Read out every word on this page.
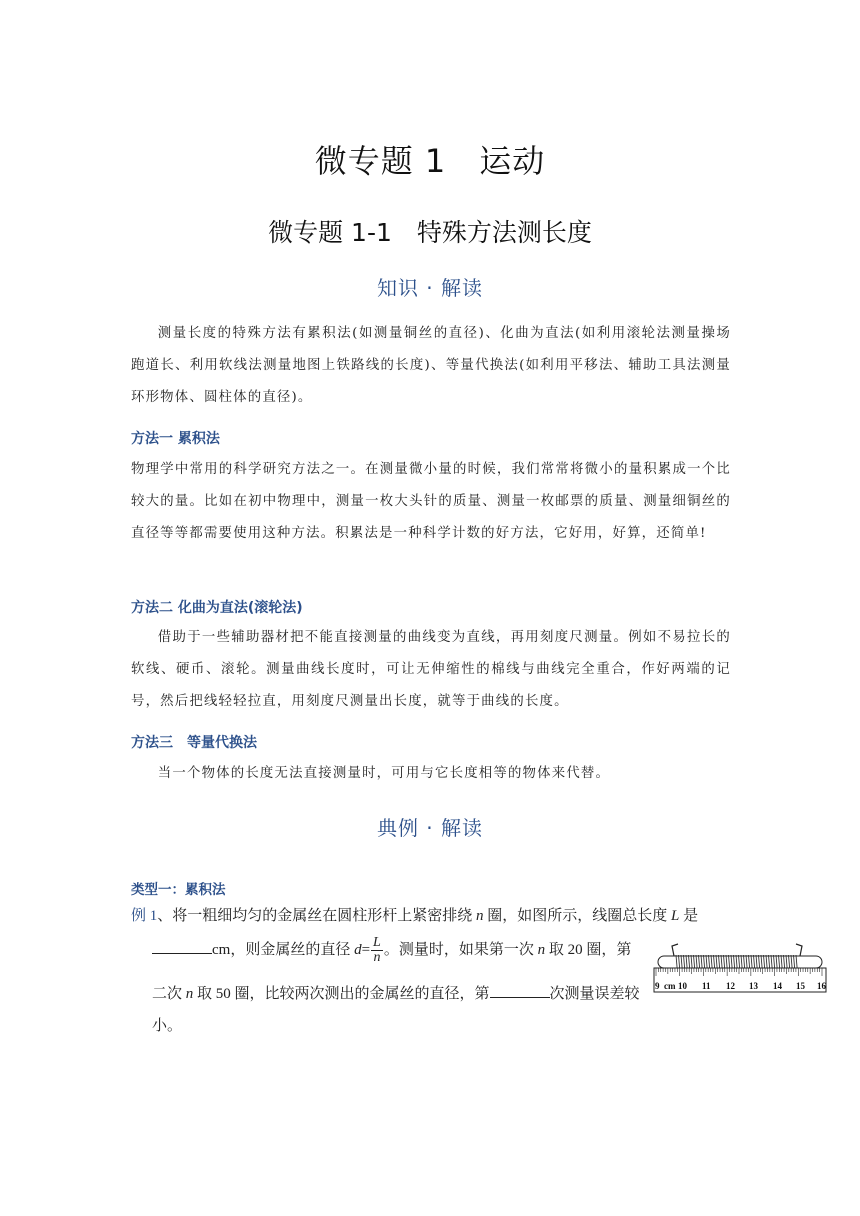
微专题 1　运动
微专题 1-1　特殊方法测长度
知识 · 解读
测量长度的特殊方法有累积法(如测量铜丝的直径)、化曲为直法(如利用滚轮法测量操场跑道长、利用软线法测量地图上铁路线的长度)、等量代换法(如利用平移法、辅助工具法测量环形物体、圆柱体的直径)。
方法一 累积法
物理学中常用的科学研究方法之一。在测量微小量的时候，我们常常将微小的量积累成一个比较大的量。比如在初中物理中，测量一枚大头针的质量、测量一枚邮票的质量、测量细铜丝的直径等等都需要使用这种方法。积累法是一种科学计数的好方法，它好用，好算，还简单!
方法二 化曲为直法(滚轮法)
借助于一些辅助器材把不能直接测量的曲线变为直线，再用刻度尺测量。例如不易拉长的软线、硬币、滚轮。测量曲线长度时，可让无伸缩性的棉线与曲线完全重合，作好两端的记号，然后把线轻轻拉直，用刻度尺测量出长度，就等于曲线的长度。
方法三　等量代换法
当一个物体的长度无法直接测量时，可用与它长度相等的物体来代替。
典例 · 解读
类型一：累积法
例 1、将一粗细均匀的金属丝在圆柱形杆上紧密排绕 n 圈，如图所示，线圈总长度 L 是
cm，则金属丝的直径 $d= \frac{L}{n}$ 。测量时，如果第一次 n 取 20 圈，第
二次 n 取 50 圈，比较两次测出的金属丝的直径，第	次测量误差较
小。
9 cm 10 11 12 13 14 15 16
